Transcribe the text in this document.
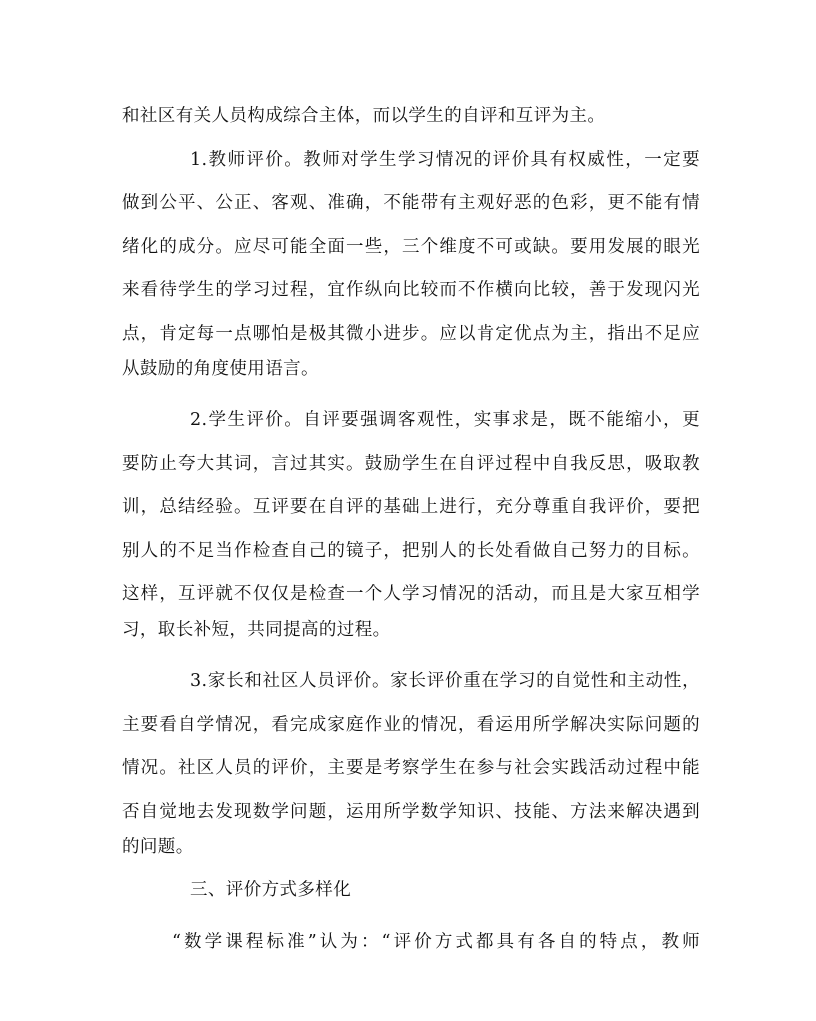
和社区有关人员构成综合主体，而以学生的自评和互评为主。
1.教师评价。教师对学生学习情况的评价具有权威性，一定要
做到公平、公正、客观、准确，不能带有主观好恶的色彩，更不能有情
绪化的成分。应尽可能全面一些，三个维度不可或缺。要用发展的眼光
来看待学生的学习过程，宜作纵向比较而不作横向比较，善于发现闪光
点，肯定每一点哪怕是极其微小进步。应以肯定优点为主，指出不足应
从鼓励的角度使用语言。
2.学生评价。自评要强调客观性，实事求是，既不能缩小，更
要防止夸大其词，言过其实。鼓励学生在自评过程中自我反思，吸取教
训，总结经验。互评要在自评的基础上进行，充分尊重自我评价，要把
别人的不足当作检查自己的镜子，把别人的长处看做自己努力的目标。
这样，互评就不仅仅是检查一个人学习情况的活动，而且是大家互相学
习，取长补短，共同提高的过程。
3.家长和社区人员评价。家长评价重在学习的自觉性和主动性，
主要看自学情况，看完成家庭作业的情况，看运用所学解决实际问题的
情况。社区人员的评价，主要是考察学生在参与社会实践活动过程中能
否自觉地去发现数学问题，运用所学数学知识、技能、方法来解决遇到
的问题。
三、评价方式多样化
“数学课程标准”认为：“评价方式都具有各自的特点，教师
